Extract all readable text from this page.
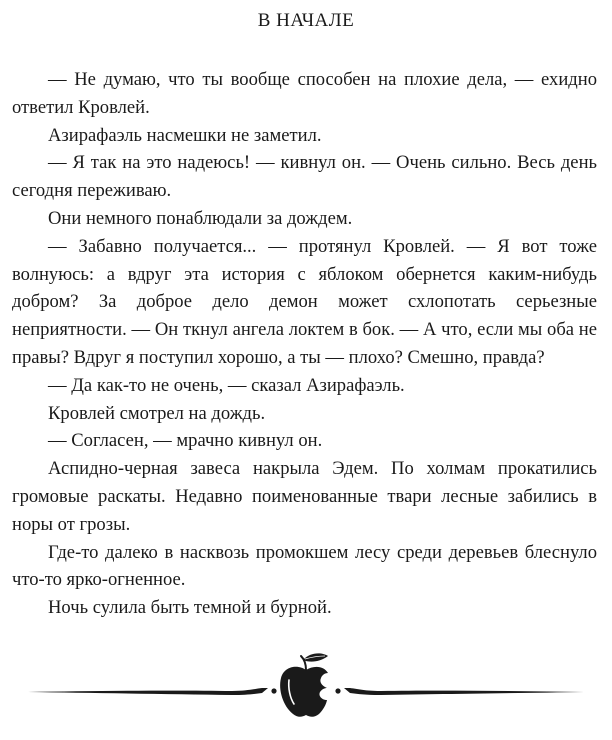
В НАЧАЛЕ

— Не думаю, что ты вообще способен на плохие дела, — ехидно ответил Кровлей.

Азирафаэль насмешки не заметил.

— Я так на это надеюсь! — кивнул он. — Очень сильно. Весь день сегодня переживаю.

Они немного понаблюдали за дождем.

— Забавно получается... — протянул Кровлей. — Я вот тоже волнуюсь: а вдруг эта история с яблоком обернется каким-нибудь добром? За доброе дело демон может схлопотать серьезные неприятности. — Он ткнул ангела локтем в бок. — А что, если мы оба не правы? Вдруг я поступил хорошо, а ты — плохо? Смешно, правда?

— Да как-то не очень, — сказал Азирафаэль.

Кровлей смотрел на дождь.

— Согласен, — мрачно кивнул он.

Аспидно-черная завеса накрыла Эдем. По холмам прокатились громовые раскаты. Недавно поименованные твари лесные забились в норы от грозы.

Где-то далеко в насквозь промокшем лесу среди деревьев блеснуло что-то ярко-огненное.

Ночь сулила быть темной и бурной.
